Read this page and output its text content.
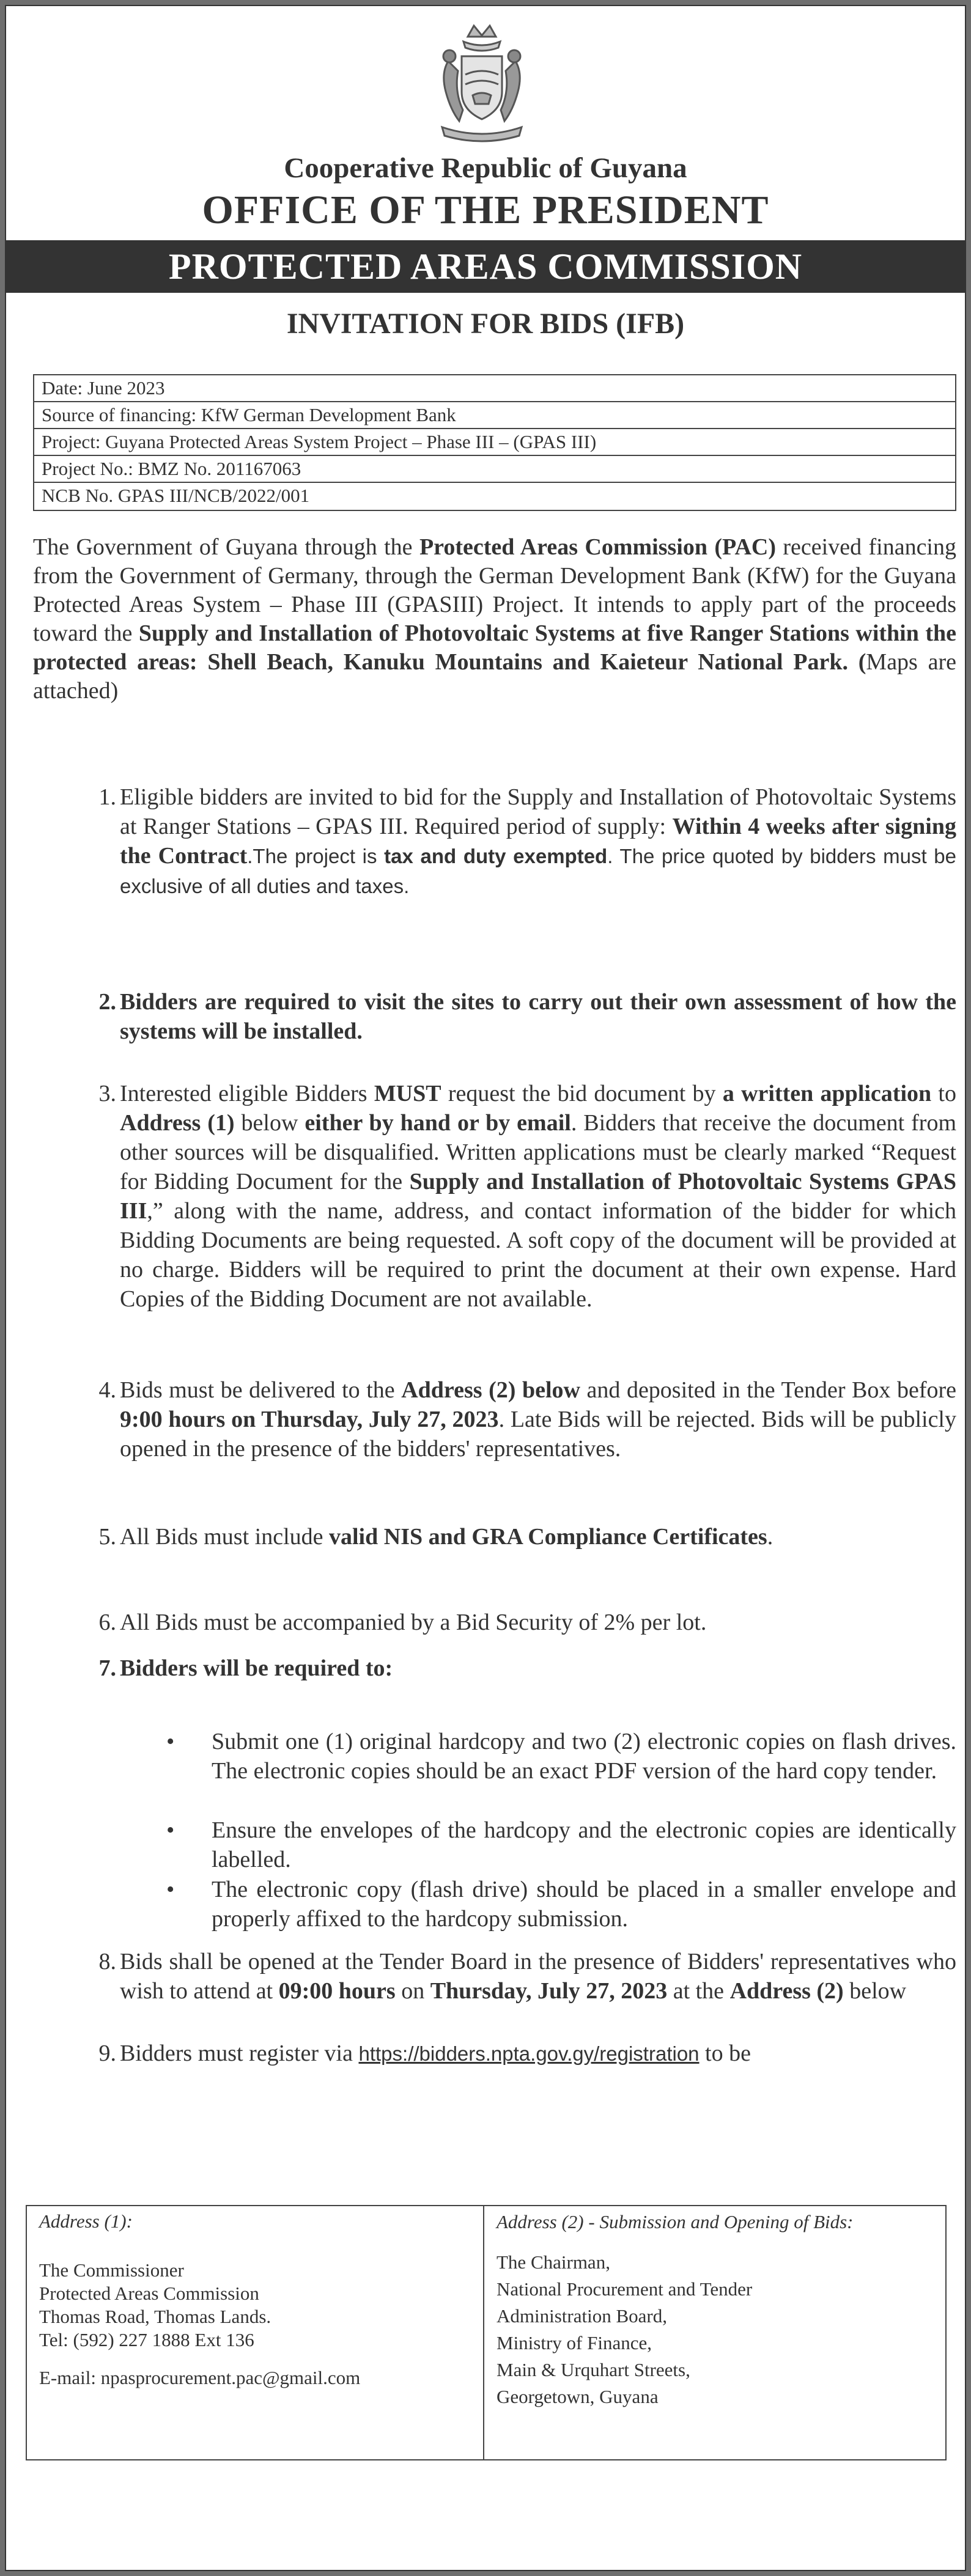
Cooperative Republic of Guyana
OFFICE OF THE PRESIDENT
PROTECTED AREAS COMMISSION
INVITATION FOR BIDS (IFB)
Date: June 2023
Source of financing: KfW German Development Bank
Project: Guyana Protected Areas System Project – Phase III – (GPAS III)
Project No.: BMZ No. 201167063
NCB No. GPAS III/NCB/2022/001

The Government of Guyana through the Protected Areas Commission (PAC) received financing from the Government of Germany, through the German Development Bank (KfW) for the Guyana Protected Areas System – Phase III (GPASIII) Project. It intends to apply part of the proceeds toward the Supply and Installation of Photovoltaic Systems at five Ranger Stations within the protected areas: Shell Beach, Kanuku Mountains and Kaieteur National Park. (Maps are attached)

1. Eligible bidders are invited to bid for the Supply and Installation of Photovoltaic Systems at Ranger Stations – GPAS III. Required period of supply: Within 4 weeks after signing the Contract.The project is tax and duty exempted. The price quoted by bidders must be exclusive of all duties and taxes.

2. Bidders are required to visit the sites to carry out their own assessment of how the systems will be installed.

3. Interested eligible Bidders MUST request the bid document by a written application to Address (1) below either by hand or by email. Bidders that receive the document from other sources will be disqualified. Written applications must be clearly marked “Request for Bidding Document for the Supply and Installation of Photovoltaic Systems GPAS III,” along with the name, address, and contact information of the bidder for which Bidding Documents are being requested. A soft copy of the document will be provided at no charge. Bidders will be required to print the document at their own expense. Hard Copies of the Bidding Document are not available.

4. Bids must be delivered to the Address (2) below and deposited in the Tender Box before 9:00 hours on Thursday, July 27, 2023. Late Bids will be rejected. Bids will be publicly opened in the presence of the bidders' representatives.

5. All Bids must include valid NIS and GRA Compliance Certificates.

6. All Bids must be accompanied by a Bid Security of 2% per lot.

7. Bidders will be required to:

• Submit one (1) original hardcopy and two (2) electronic copies on flash drives. The electronic copies should be an exact PDF version of the hard copy tender.

• Ensure the envelopes of the hardcopy and the electronic copies are identically labelled.

• The electronic copy (flash drive) should be placed in a smaller envelope and properly affixed to the hardcopy submission.

8. Bids shall be opened at the Tender Board in the presence of Bidders' representatives who wish to attend at 09:00 hours on Thursday, July 27, 2023 at the Address (2) below

9. Bidders must register via https://bidders.npta.gov.gy/registration to be

Address (1):
The Commissioner
Protected Areas Commission
Thomas Road, Thomas Lands.
Tel: (592) 227 1888 Ext 136
E-mail: npasprocurement.pac@gmail.com
Address (2) - Submission and Opening of Bids:
The Chairman,
National Procurement and Tender
Administration Board,
Ministry of Finance,
Main & Urquhart Streets,
Georgetown, Guyana
